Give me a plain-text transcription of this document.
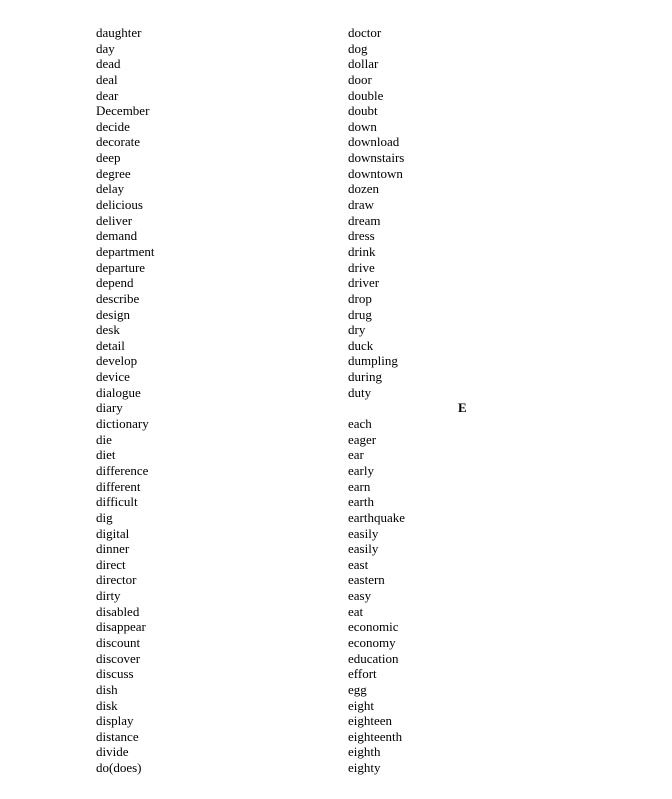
daughter
day
dead
deal
dear
December
decide
decorate
deep
degree
delay
delicious
deliver
demand
department
departure
depend
describe
design
desk
detail
develop
device
dialogue
diary
dictionary
die
diet
difference
different
difficult
dig
digital
dinner
direct
director
dirty
disabled
disappear
discount
discover
discuss
dish
disk
display
distance
divide
do(does)
doctor
dog
dollar
door
double
doubt
down
download
downstairs
downtown
dozen
draw
dream
dress
drink
drive
driver
drop
drug
dry
duck
dumpling
during
duty
each
eager
ear
early
earn
earth
earthquake
easily
easily
east
eastern
easy
eat
economic
economy
education
effort
egg
eight
eighteen
eighteenth
eighth
eighty
E
